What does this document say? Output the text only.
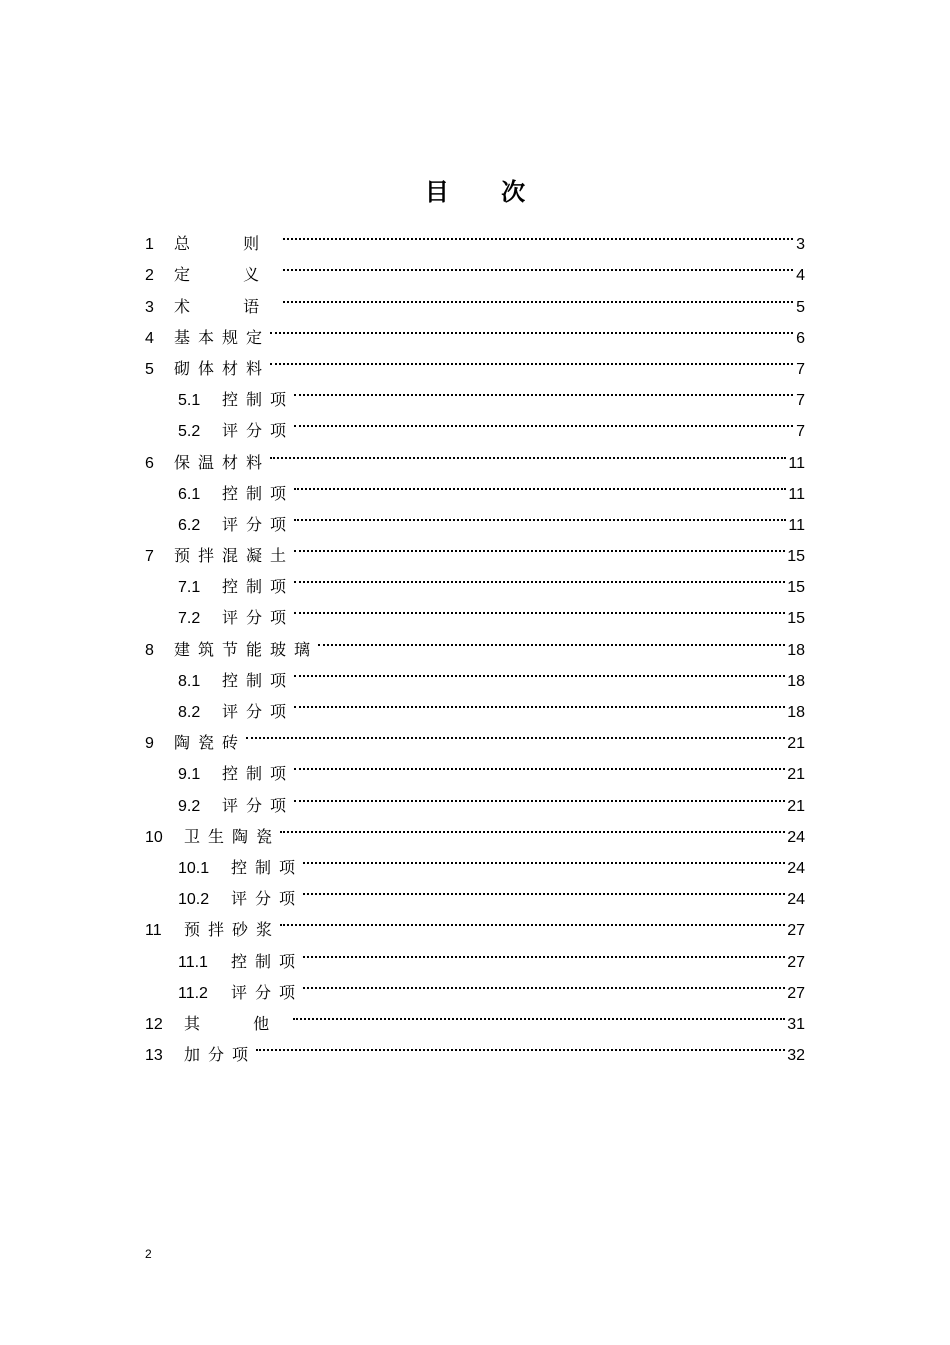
目 次
1	总 则	3
2	定 义	4
3	术 语	5
4	基本规定	6
5	砌体材料	7
5.1	控制项	7
5.2	评分项	7
6	保温材料	11
6.1	控制项	11
6.2	评分项	11
7	预拌混凝土	15
7.1	控制项	15
7.2	评分项	15
8	建筑节能玻璃	18
8.1	控制项	18
8.2	评分项	18
9	陶瓷砖	21
9.1	控制项	21
9.2	评分项	21
10	卫生陶瓷	24
10.1	控制项	24
10.2	评分项	24
11	预拌砂浆	27
11.1	控制项	27
11.2	评分项	27
12	其 他	31
13	加分项	32
2
